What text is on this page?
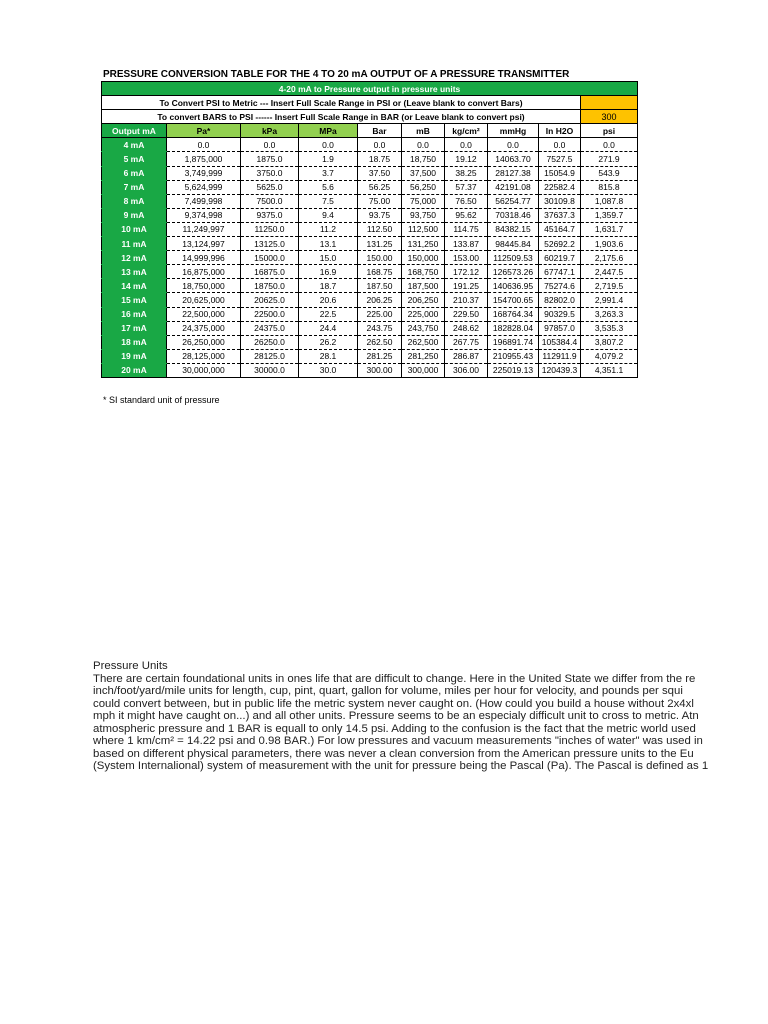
PRESSURE CONVERSION TABLE FOR THE 4 TO 20 mA OUTPUT OF A PRESSURE TRANSMITTER
4-20 mA to Pressure output in pressure units									
To Convert PSI to Metric --- Insert Full Scale Range in PSI or (Leave blank to convert Bars)									
To convert BARS to PSI ------ Insert Full Scale Range in BAR (or Leave blank to convert psi)									300
Output mA	Pa*	kPa	MPa	Bar	mB	kg/cm²	mmHg	In H2O	psi
4 mA	0.0	0.0	0.0	0.0	0.0	0.0	0.0	0.0	0.0
5 mA	1,875,000	1875.0	1.9	18.75	18,750	19.12	14063.70	7527.5	271.9
6 mA	3,749,999	3750.0	3.7	37.50	37,500	38.25	28127.38	15054.9	543.9
7 mA	5,624,999	5625.0	5.6	56.25	56,250	57.37	42191.08	22582.4	815.8
8 mA	7,499,998	7500.0	7.5	75.00	75,000	76.50	56254.77	30109.8	1,087.8
9 mA	9,374,998	9375.0	9.4	93.75	93,750	95.62	70318.46	37637.3	1,359.7
10 mA	11,249,997	11250.0	11.2	112.50	112,500	114.75	84382.15	45164.7	1,631.7
11 mA	13,124,997	13125.0	13.1	131.25	131,250	133.87	98445.84	52692.2	1,903.6
12 mA	14,999,996	15000.0	15.0	150.00	150,000	153.00	112509.53	60219.7	2,175.6
13 mA	16,875,000	16875.0	16.9	168.75	168,750	172.12	126573.26	67747.1	2,447.5
14 mA	18,750,000	18750.0	18.7	187.50	187,500	191.25	140636.95	75274.6	2,719.5
15 mA	20,625,000	20625.0	20.6	206.25	206,250	210.37	154700.65	82802.0	2,991.4
16 mA	22,500,000	22500.0	22.5	225.00	225,000	229.50	168764.34	90329.5	3,263.3
17 mA	24,375,000	24375.0	24.4	243.75	243,750	248.62	182828.04	97857.0	3,535.3
18 mA	26,250,000	26250.0	26.2	262.50	262,500	267.75	196891.74	105384.4	3,807.2
19 mA	28,125,000	28125.0	28.1	281.25	281,250	286.87	210955.43	112911.9	4,079.2
20 mA	30,000,000	30000.0	30.0	300.00	300,000	306.00	225019.13	120439.3	4,351.1
* SI standard unit of pressure
Pressure Units
There are certain foundational units in ones life that are difficult to change. Here in the United State we differ from the re
inch/foot/yard/mile units for length, cup, pint, quart, gallon for volume, miles per hour for velocity, and pounds per squi
could convert between, but in public life the metric system never caught on. (How could you build a house without 2x4xl
mph it might have caught on...) and all other units. Pressure seems to be an especialy difficult unit to cross to metric. Atn
atmospheric pressure and 1 BAR is equall to only 14.5 psi. Adding to the confusion is the fact that the metric world used
where 1 km/cm² = 14.22 psi and 0.98 BAR.) For low pressures and vacuum measurements "inches of water" was used in
based on different physical parameters, there was never a clean conversion from the American pressure units to the Eu
(System Internalional) system of measurement with the unit for pressure being the Pascal (Pa). The Pascal is defined as 1
